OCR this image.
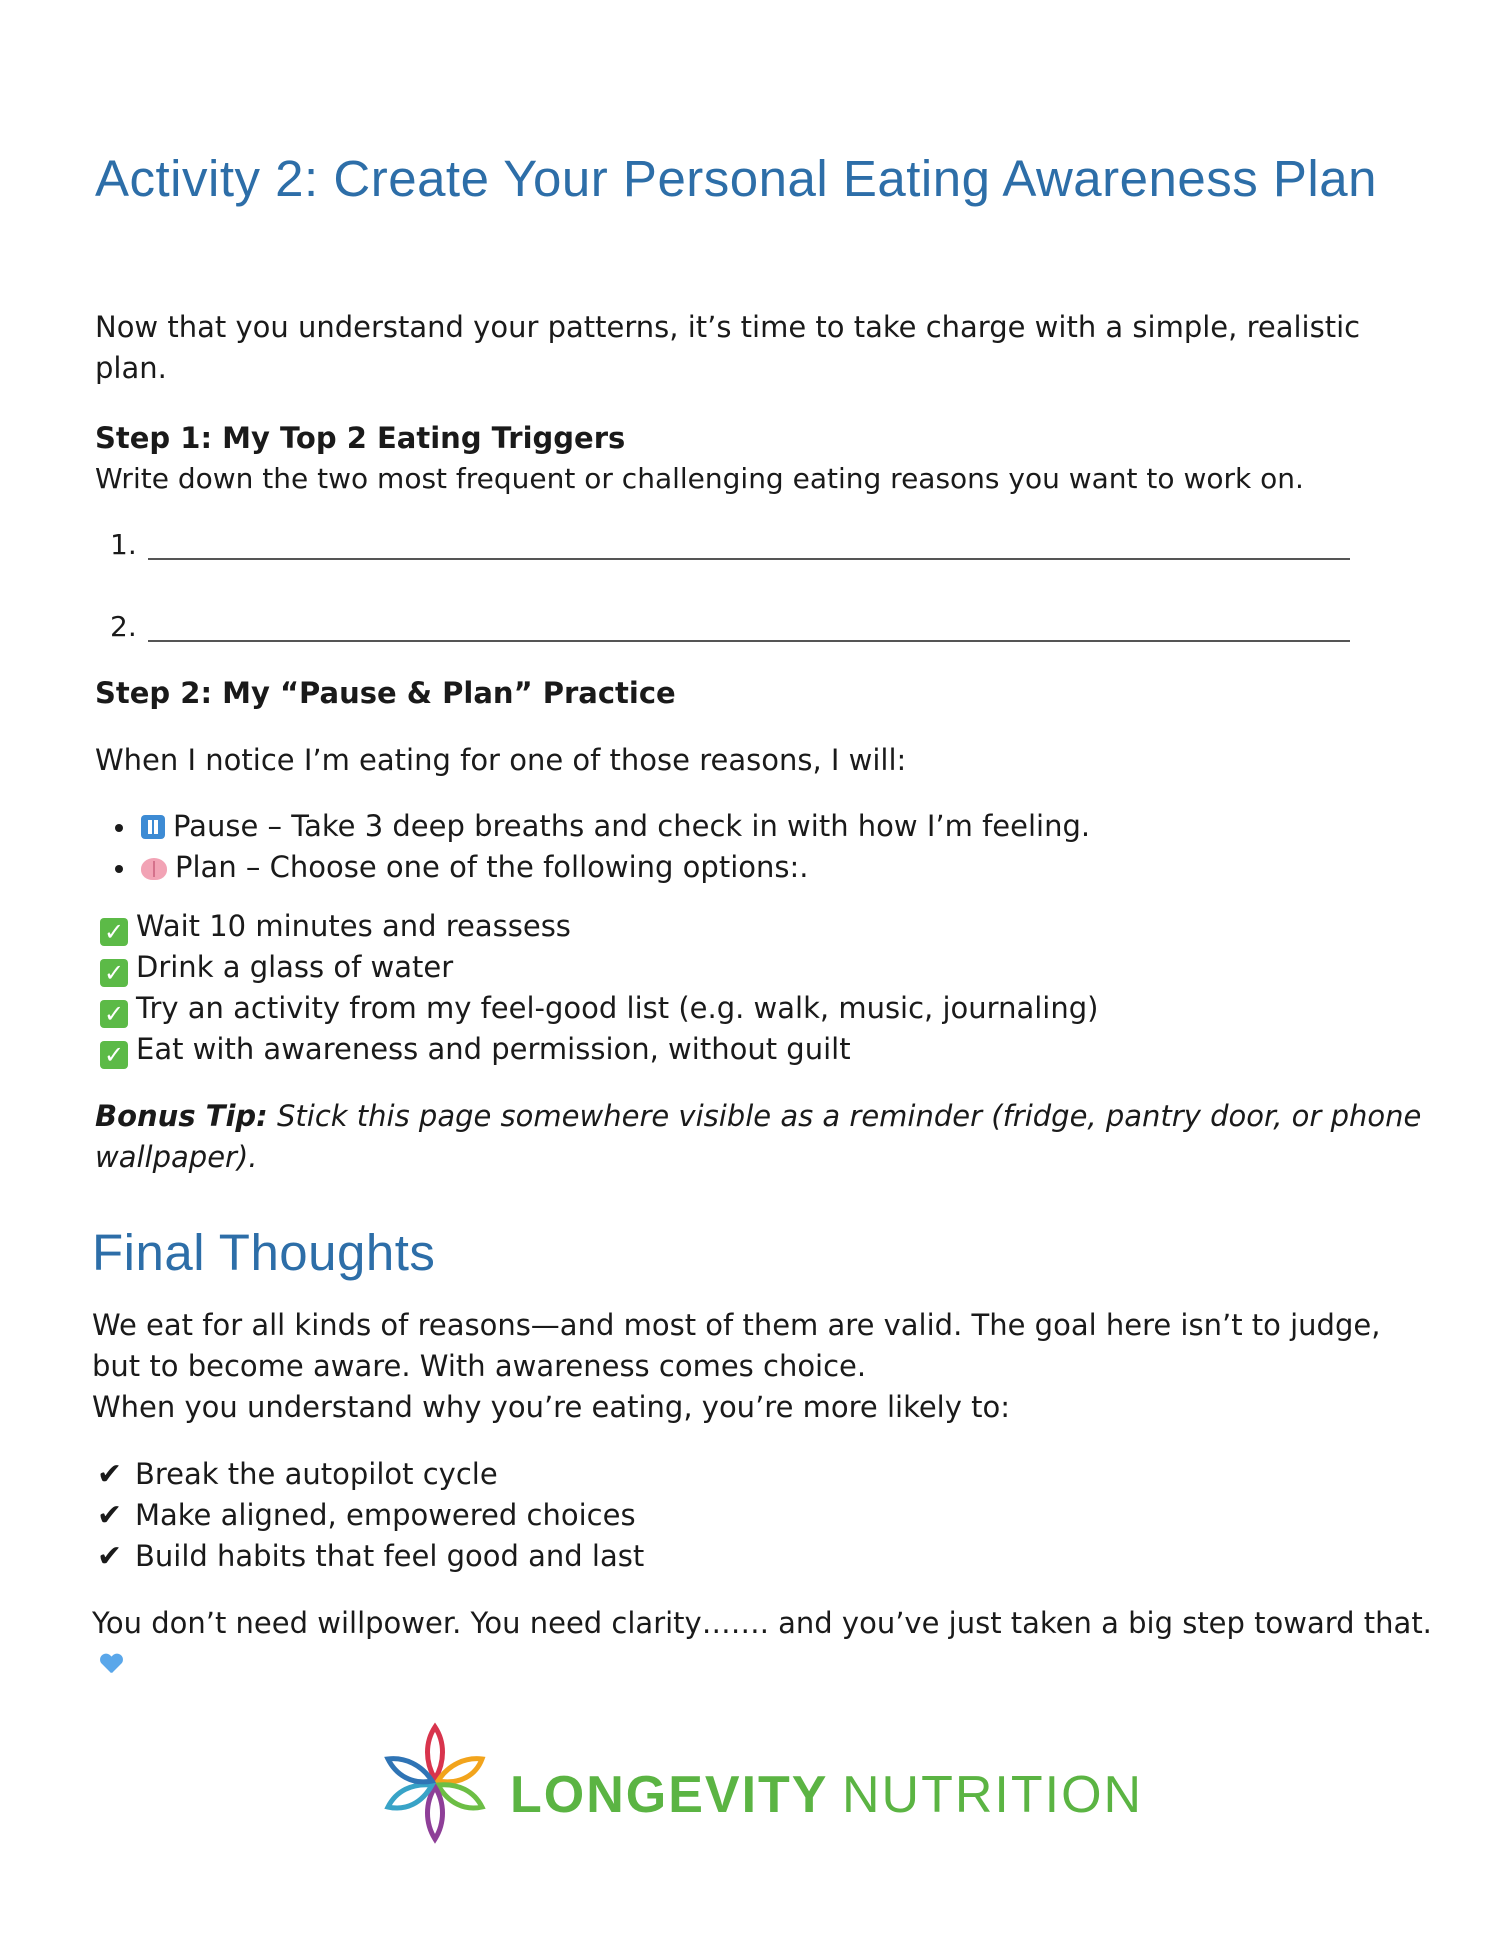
Activity 2: Create Your Personal Eating Awareness Plan

Now that you understand your patterns, it’s time to take charge with a simple, realistic plan.

Step 1: My Top 2 Eating Triggers

Write down the two most frequent or challenging eating reasons you want to work on.

1.
2.

Step 2: My “Pause & Plan” Practice

When I notice I’m eating for one of those reasons, I will:

Pause – Take 3 deep breaths and check in with how I’m feeling.
Plan – Choose one of the following options:.
✓ Wait 10 minutes and reassess
✓ Drink a glass of water
✓ Try an activity from my feel-good list (e.g. walk, music, journaling)
✓ Eat with awareness and permission, without guilt

Bonus Tip: Stick this page somewhere visible as a reminder (fridge, pantry door, or phone wallpaper).

Final Thoughts

We eat for all kinds of reasons—and most of them are valid. The goal here isn’t to judge, but to become aware. With awareness comes choice.

When you understand why you’re eating, you’re more likely to:

✔ Break the autopilot cycle
✔ Make aligned, empowered choices
✔ Build habits that feel good and last

You don’t need willpower. You need clarity……. and you’ve just taken a big step toward that.

LONGEVITY NUTRITION
